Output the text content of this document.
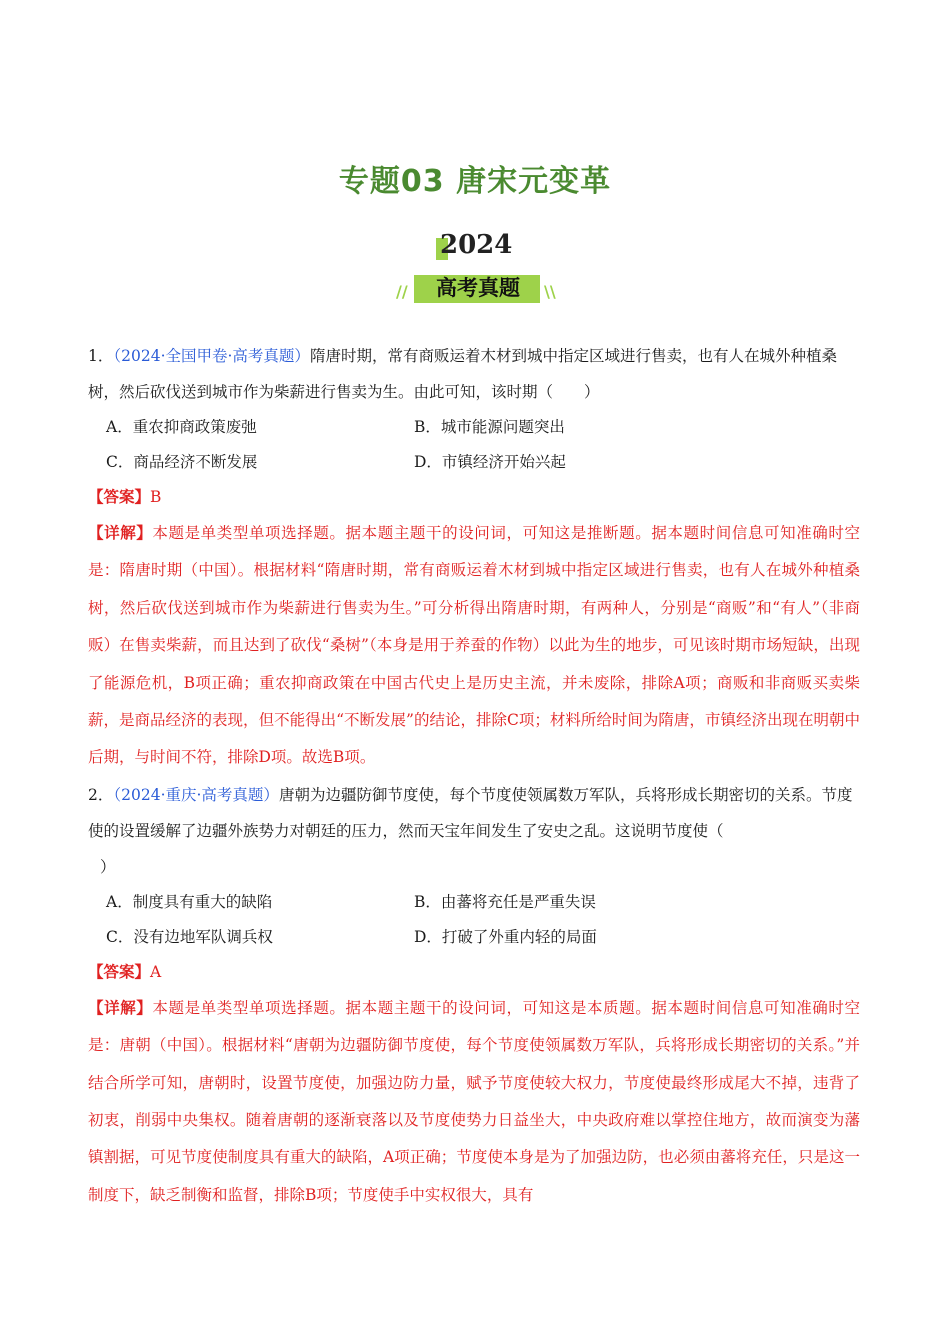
专题03 唐宋元变革
2024
高考真题
//	\\
1．（2024·全国甲卷·高考真题）隋唐时期，常有商贩运着木材到城中指定区域进行售卖，也有人在城外种植桑树，然后砍伐送到城市作为柴薪进行售卖为生。由此可知，该时期（　　）
A．重农抑商政策废弛	B．城市能源问题突出
C．商品经济不断发展	D．市镇经济开始兴起
【答案】B
【详解】本题是单类型单项选择题。据本题主题干的设问词，可知这是推断题。据本题时间信息可知准确时空是：隋唐时期（中国）。根据材料“隋唐时期，常有商贩运着木材到城中指定区域进行售卖，也有人在城外种植桑树，然后砍伐送到城市作为柴薪进行售卖为生。”可分析得出隋唐时期，有两种人，分别是“商贩”和“有人”（非商贩）在售卖柴薪，而且达到了砍伐“桑树”（本身是用于养蚕的作物）以此为生的地步，可见该时期市场短缺，出现了能源危机，B项正确；重农抑商政策在中国古代史上是历史主流，并未废除，排除A项；商贩和非商贩买卖柴薪，是商品经济的表现，但不能得出“不断发展”的结论，排除C项；材料所给时间为隋唐，市镇经济出现在明朝中后期，与时间不符，排除D项。故选B项。
2．（2024·重庆·高考真题）唐朝为边疆防御节度使，每个节度使领属数万军队，兵将形成长期密切的关系。节度使的设置缓解了边疆外族势力对朝廷的压力，然而天宝年间发生了安史之乱。这说明节度使（
）
A．制度具有重大的缺陷	B．由蕃将充任是严重失误
C．没有边地军队调兵权	D．打破了外重内轻的局面
【答案】A
【详解】本题是单类型单项选择题。据本题主题干的设问词，可知这是本质题。据本题时间信息可知准确时空是：唐朝（中国）。根据材料“唐朝为边疆防御节度使，每个节度使领属数万军队，兵将形成长期密切的关系。”并结合所学可知，唐朝时，设置节度使，加强边防力量，赋予节度使较大权力，节度使最终形成尾大不掉，违背了初衷，削弱中央集权。随着唐朝的逐渐衰落以及节度使势力日益坐大，中央政府难以掌控住地方，故而演变为藩镇割据，可见节度使制度具有重大的缺陷，A项正确；节度使本身是为了加强边防，也必须由蕃将充任，只是这一制度下，缺乏制衡和监督，排除B项；节度使手中实权很大，具有
